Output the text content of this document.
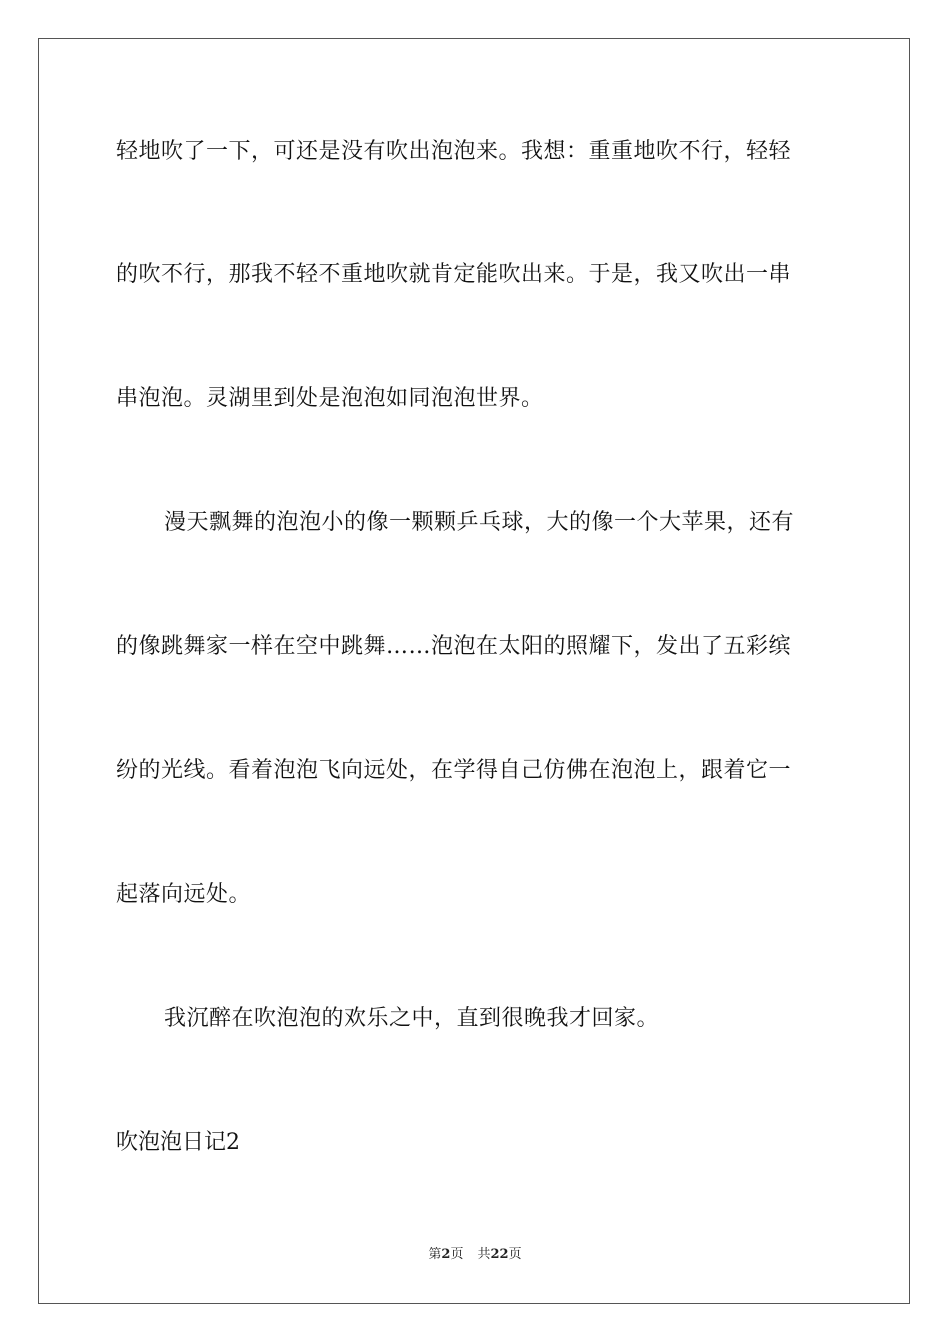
轻地吹了一下，可还是没有吹出泡泡来。我想：重重地吹不行，轻轻
的吹不行，那我不轻不重地吹就肯定能吹出来。于是，我又吹出一串
串泡泡。灵湖里到处是泡泡如同泡泡世界。
漫天飘舞的泡泡小的像一颗颗乒乓球，大的像一个大苹果，还有
的像跳舞家一样在空中跳舞……泡泡在太阳的照耀下，发出了五彩缤
纷的光线。看着泡泡飞向远处，在学得自己仿佛在泡泡上，跟着它一
起落向远处。
我沉醉在吹泡泡的欢乐之中，直到很晚我才回家。
吹泡泡日记2
第2页 共22页
